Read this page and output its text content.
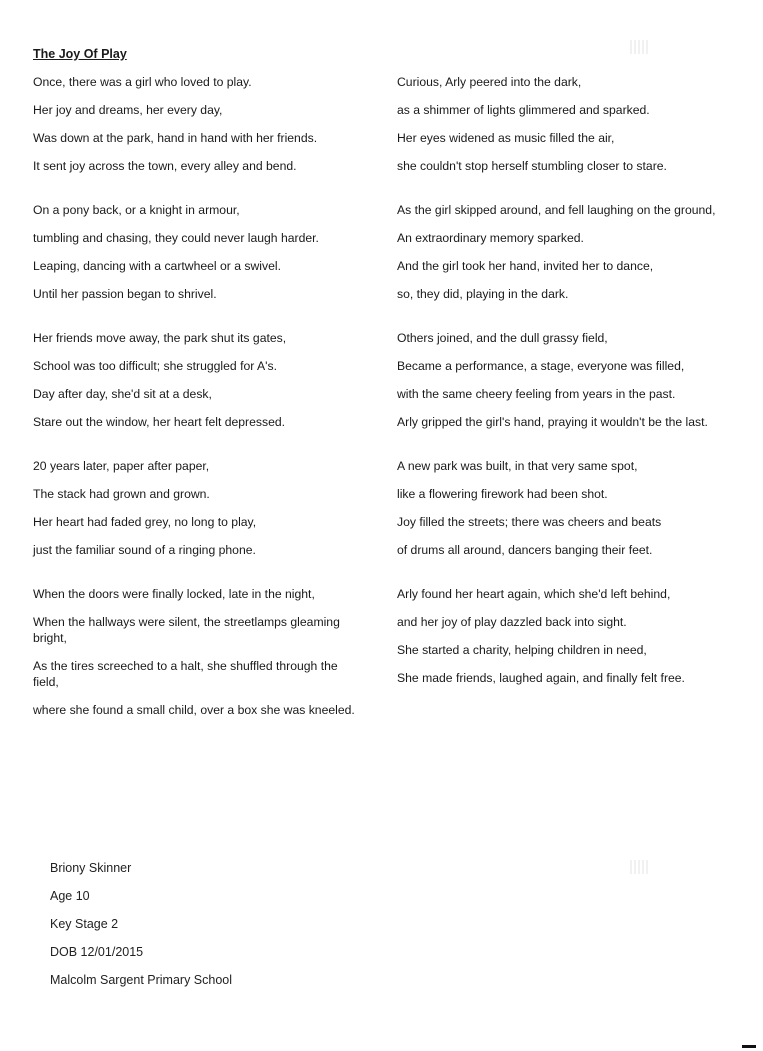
The Joy Of Play
Once, there was a girl who loved to play.
Her joy and dreams, her every day,
Was down at the park, hand in hand with her friends.
It sent joy across the town, every alley and bend.
On a pony back, or a knight in armour,
tumbling and chasing, they could never laugh harder.
Leaping, dancing with a cartwheel or a swivel.
Until her passion began to shrivel.
Her friends move away, the park shut its gates,
School was too difficult; she struggled for A's.
Day after day, she'd sit at a desk,
Stare out the window, her heart felt depressed.
20 years later, paper after paper,
The stack had grown and grown.
Her heart had faded grey, no long to play,
just the familiar sound of a ringing phone.
When the doors were finally locked, late in the night,
When the hallways were silent, the streetlamps gleaming bright,
As the tires screeched to a halt, she shuffled through the field,
where she found a small child, over a box she was kneeled.
Curious, Arly peered into the dark,
as a shimmer of lights glimmered and sparked.
Her eyes widened as music filled the air,
she couldn't stop herself stumbling closer to stare.
As the girl skipped around, and fell laughing on the ground,
An extraordinary memory sparked.
And the girl took her hand, invited her to dance,
so, they did, playing in the dark.
Others joined, and the dull grassy field,
Became a performance, a stage, everyone was filled,
with the same cheery feeling from years in the past.
Arly gripped the girl's hand, praying it wouldn't be the last.
A new park was built, in that very same spot,
like a flowering firework had been shot.
Joy filled the streets; there was cheers and beats
of drums all around, dancers banging their feet.
Arly found her heart again, which she'd left behind,
and her joy of play dazzled back into sight.
She started a charity, helping children in need,
She made friends, laughed again, and finally felt free.
Briony Skinner
Age 10
Key Stage 2
DOB 12/01/2015
Malcolm Sargent Primary School
